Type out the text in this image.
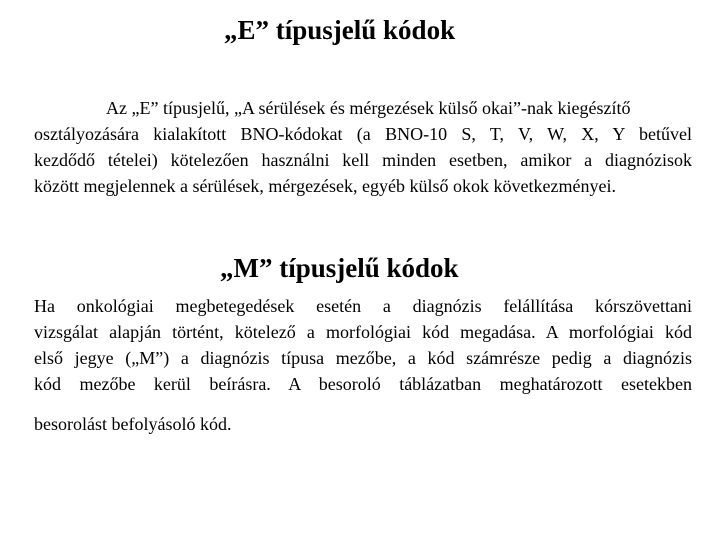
„E” típusjelű kódok
Az „E” típusjelű, „A sérülések és mérgezések külső okai”-nak kiegészítő
osztályozására kialakított BNO-kódokat (a BNO-10 S, T, V, W, X, Y betűvel
kezdődő tételei) kötelezően használni kell minden esetben, amikor a diagnózisok
között megjelennek a sérülések, mérgezések, egyéb külső okok következményei.
„M” típusjelű kódok
Ha onkológiai megbetegedések esetén a diagnózis felállítása kórszövettani
vizsgálat alapján történt, kötelező a morfológiai kód megadása. A morfológiai kód
első jegye („M”) a diagnózis típusa mezőbe, a kód számrésze pedig a diagnózis
kód mezőbe kerül beírásra. A besoroló táblázatban meghatározott esetekben
besorolást befolyásoló kód.
